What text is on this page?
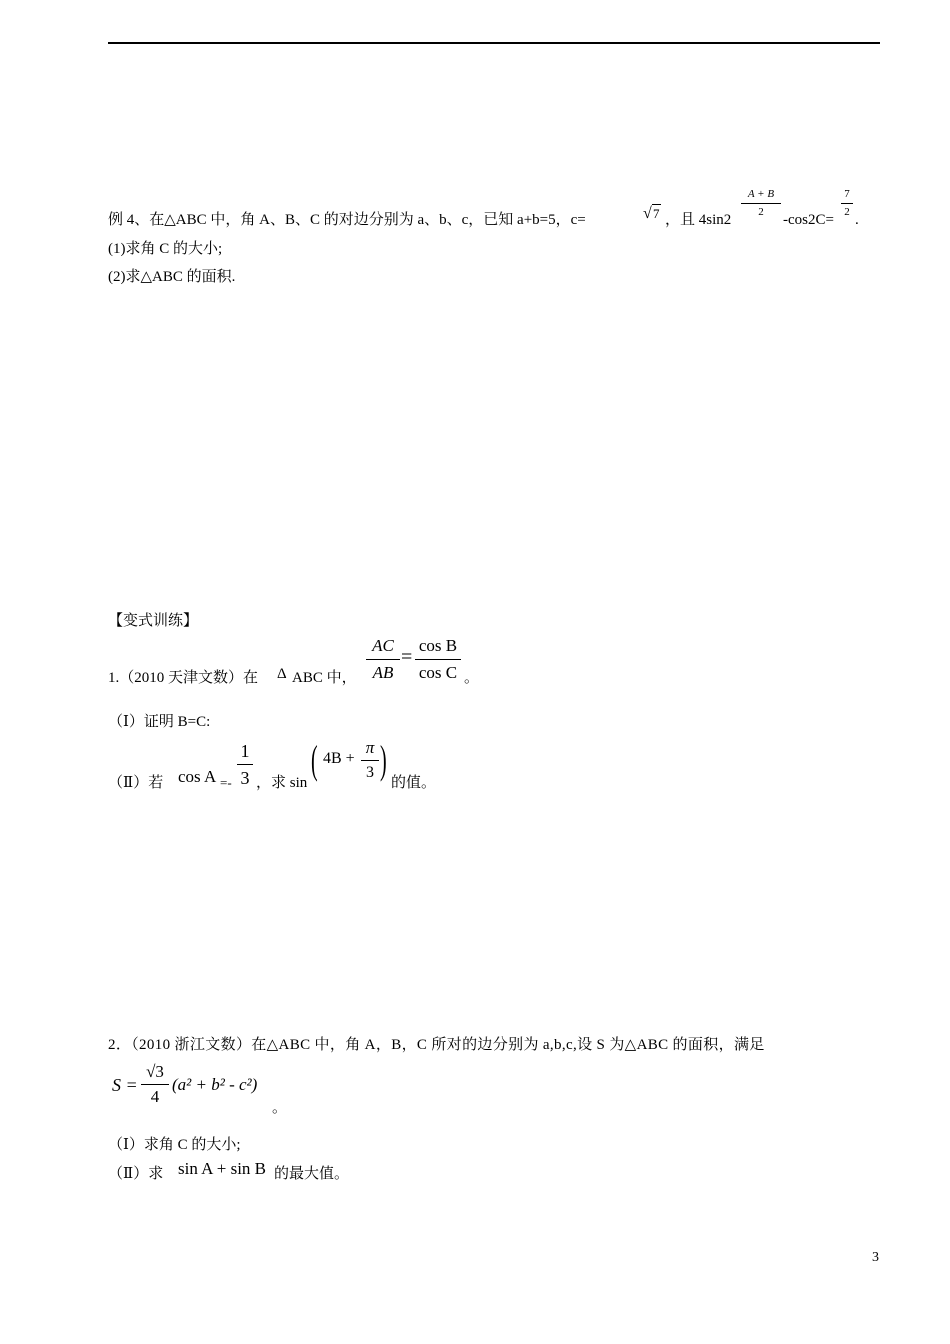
例 4、在△ABC 中，角 A、B、C 的对边分别为 a、b、c，已知 a+b=5，c=	√ 7 ，且 4sin2
A + B
2	-cos2C=
7
2 .
(1)求角 C 的大小;
(2)求△ABC 的面积.
【变式训练】
1.（2010 天津文数）在 Δ ABC 中，
AC
AB
=
cos B
cos C 。
（Ⅰ）证明 B=C:
（Ⅱ）若 cos A =-
1
3 ，求 sin
( 4B +
π
3 )
的值。
2．（2010 浙江文数）在△ABC 中，角 A，B，C 所对的边分别为 a,b,c,设 S 为△ABC 的面积，满足
S =
√3
4
(a² + b² - c²)
。
（Ⅰ）求角 C 的大小;
（Ⅱ）求 sin A + sin B 的最大值。
3
